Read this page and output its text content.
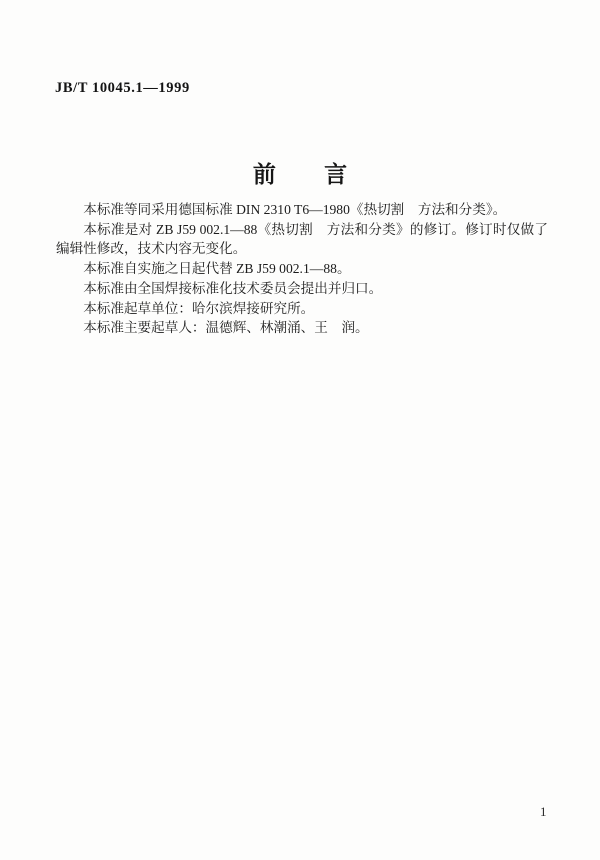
JB/T 10045.1—1999
前　言

本标准等同采用德国标准 DIN 2310 T6—1980《热切割　方法和分类》。

本标准是对 ZB J59 002.1—88《热切割　方法和分类》的修订。修订时仅做了编辑性修改，技术内容无变化。

本标准自实施之日起代替 ZB J59 002.1—88。

本标准由全国焊接标准化技术委员会提出并归口。

本标准起草单位：哈尔滨焊接研究所。

本标准主要起草人：温德辉、林潮涌、王　润。

1
